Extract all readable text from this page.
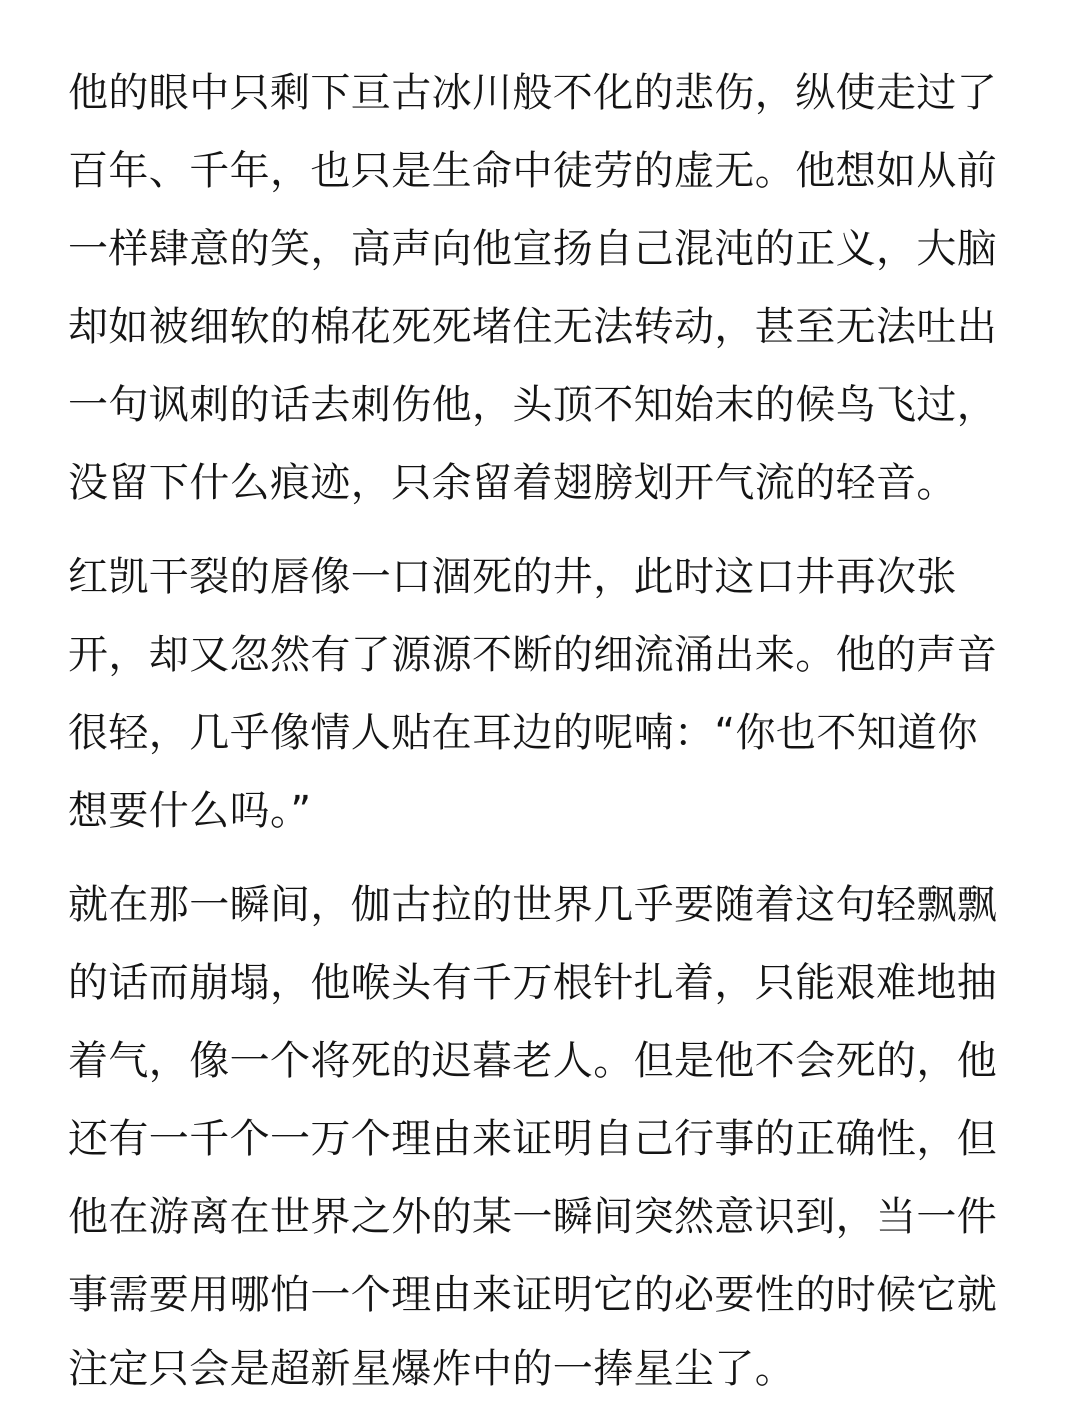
他的眼中只剩下亘古冰川般不化的悲伤，纵使走过了
百年、千年，也只是生命中徒劳的虚无。他想如从前
一样肆意的笑，高声向他宣扬自己混沌的正义，大脑
却如被细软的棉花死死堵住无法转动，甚至无法吐出
一句讽刺的话去刺伤他，头顶不知始末的候鸟飞过，
没留下什么痕迹，只余留着翅膀划开气流的轻音。
红凯干裂的唇像一口涸死的井，此时这口井再次张
开，却又忽然有了源源不断的细流涌出来。他的声音
很轻，几乎像情人贴在耳边的呢喃：“你也不知道你
想要什么吗。”
就在那一瞬间，伽古拉的世界几乎要随着这句轻飘飘
的话而崩塌，他喉头有千万根针扎着，只能艰难地抽
着气，像一个将死的迟暮老人。但是他不会死的，他
还有一千个一万个理由来证明自己行事的正确性，但
他在游离在世界之外的某一瞬间突然意识到，当一件
事需要用哪怕一个理由来证明它的必要性的时候它就
注定只会是超新星爆炸中的一捧星尘了。
